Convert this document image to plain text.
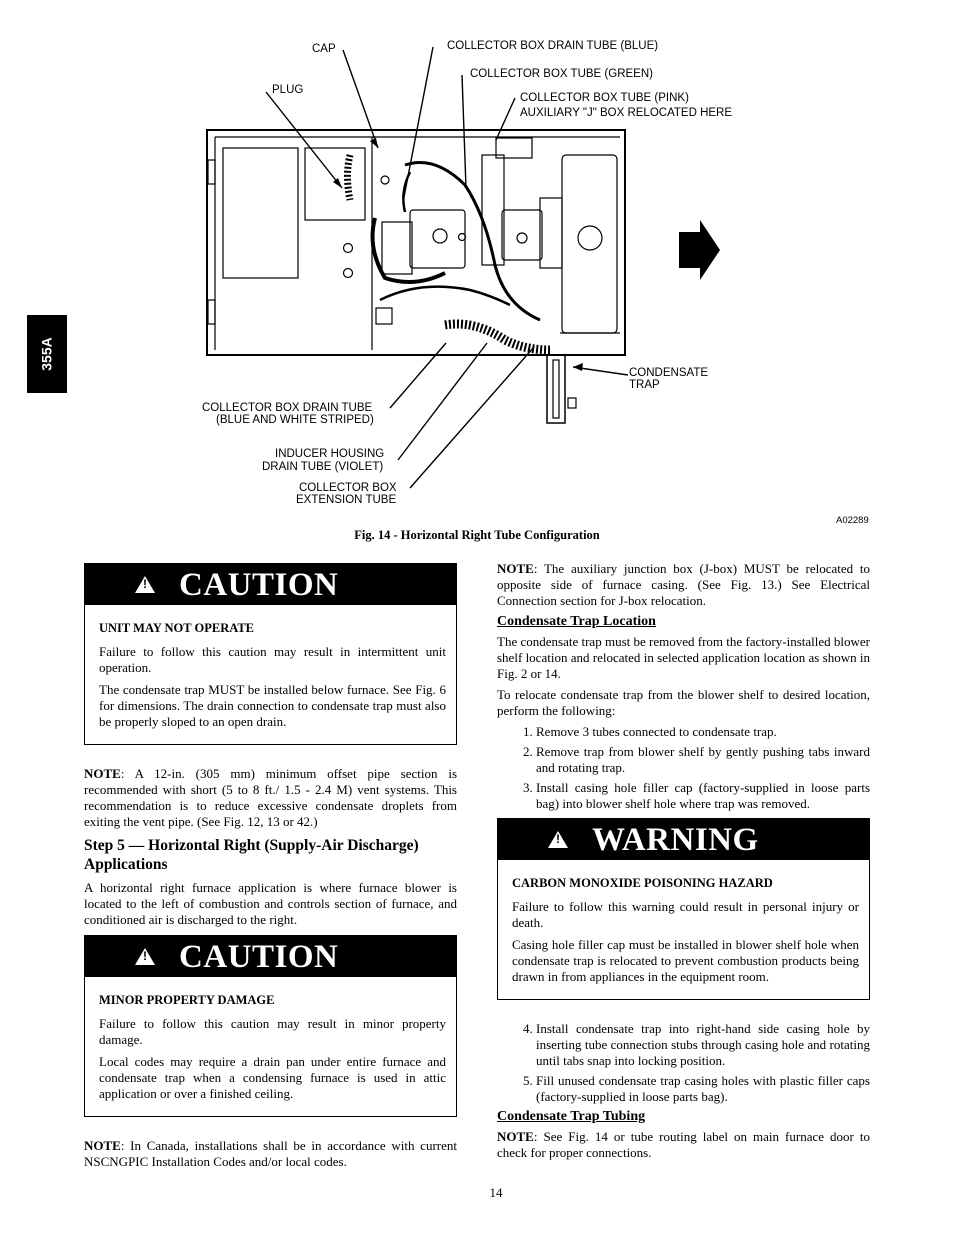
355A
CAP	COLLECTOR BOX DRAIN TUBE (BLUE)
PLUG
COLLECTOR BOX TUBE (GREEN)
COLLECTOR BOX TUBE (PINK)
AUXILIARY "J" BOX RELOCATED HERE
CONDENSATE
TRAP
COLLECTOR BOX DRAIN TUBE
(BLUE AND WHITE STRIPED)
INDUCER HOUSING
DRAIN TUBE (VIOLET)
COLLECTOR BOX
EXTENSION TUBE
A02289
Fig. 14 - Horizontal Right Tube Configuration
!
CAUTION
UNIT MAY NOT OPERATE

Failure to follow this caution may result in intermittent unit operation.

The condensate trap MUST be installed below furnace. See Fig. 6 for dimensions. The drain connection to condensate trap must also be properly sloped to an open drain.

NOTE: A 12-in. (305 mm) minimum offset pipe section is recommended with short (5 to 8 ft./ 1.5 - 2.4 M) vent systems. This recommendation is to reduce excessive condensate droplets from exiting the vent pipe. (See Fig. 12, 13 or 42.)

Step 5 — Horizontal Right (Supply-Air Discharge) Applications

A horizontal right furnace application is where furnace blower is located to the left of combustion and controls section of furnace, and conditioned air is discharged to the right.

!
CAUTION
MINOR PROPERTY DAMAGE

Failure to follow this caution may result in minor property damage.

Local codes may require a drain pan under entire furnace and condensate trap when a condensing furnace is used in attic application or over a finished ceiling.

NOTE: In Canada, installations shall be in accordance with current NSCNGPIC Installation Codes and/or local codes.

NOTE: The auxiliary junction box (J-box) MUST be relocated to opposite side of furnace casing. (See Fig. 13.) See Electrical Connection section for J-box relocation.

Condensate Trap Location

The condensate trap must be removed from the factory-installed blower shelf location and relocated in selected application location as shown in Fig. 2 or 14.

To relocate condensate trap from the blower shelf to desired location, perform the following:

1. Remove 3 tubes connected to condensate trap.
2. Remove trap from blower shelf by gently pushing tabs inward and rotating trap.
3. Install casing hole filler cap (factory-supplied in loose parts bag) into blower shelf hole where trap was removed.
!
WARNING
CARBON MONOXIDE POISONING HAZARD

Failure to follow this warning could result in personal injury or death.

Casing hole filler cap must be installed in blower shelf hole when condensate trap is relocated to prevent combustion products being drawn in from appliances in the equipment room.

4. Install condensate trap into right-hand side casing hole by inserting tube connection stubs through casing hole and rotating until tabs snap into locking position.
5. Fill unused condensate trap casing holes with plastic filler caps (factory-supplied in loose parts bag).
Condensate Trap Tubing

NOTE: See Fig. 14 or tube routing label on main furnace door to check for proper connections.

14
